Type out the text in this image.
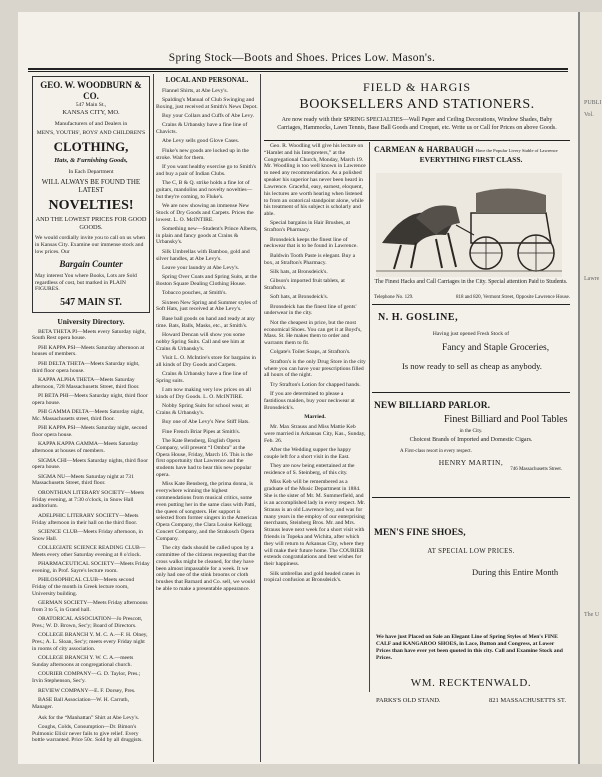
Spring Stock—Boots and Shoes. Prices Low. Mason's.
GEO. W. WOODBURN & CO.
547 Main St.,
KANSAS CITY, MO.
Manufacturers of and Dealers in
MEN'S, YOUTHS', BOYS' AND CHILDREN'S
CLOTHING,
Hats, & Furnishing Goods,
In Each Department
WILL ALWAYS BE FOUND THE LATEST
NOVELTIES!
AND THE LOWEST PRICES FOR GOOD GOODS.
We would cordially invite you to call on us when in Kansas City. Examine our immense stock and low prices. Our
Bargain Counter
May interest You where Books, Lots are Sold regardless of cost, but marked in PLAIN FIGURES.
547 MAIN ST.
University Directory.

BETA THETA PI—Meets every Saturday night, South Rest opera house.

PHI KAPPA PSI—Meets Saturday afternoon at houses of members.

PHI DELTA THETA—Meets Saturday night, third floor opera house.

KAPPA ALPHA THETA—Meets Saturday afternoon, 728 Massachusetts Street, third floor.

PI BETA PHI—Meets Saturday night, third floor opera house.

PHI GAMMA DELTA—Meets Saturday night, Mc. Massachusetts street, third floor.

PHI KAPPA PSI—Meets Saturday night, second floor opera house.

KAPPA KAPPA GAMMA—Meets Saturday afternoon at houses of members.

SIGMA CHI—Meets Saturday nights, third floor opera house.

SIGMA NU—Meets Saturday night at 731 Massachusetts Street, third floor.

ORONTHIAN LITERARY SOCIETY—Meets Friday evening, at 7:30 o'clock, in Snow Hall auditorium.

ADELPHIC LITERARY SOCIETY—Meets Friday afternoon in their hall on the third floor.

SCIENCE CLUB—Meets Friday afternoon, in Snow Hall.

COLLEGIATE SCIENCE READING CLUB—Meets every other Saturday evening at 8 o'clock.

PHARMACEUTICAL SOCIETY—Meets Friday evening, in Prof. Sayre's lecture room.

PHILOSOPHICAL CLUB—Meets second Friday of the month in Greek lecture room, University building.

GERMAN SOCIETY—Meets Friday afternoons from 3 to 5, in Grand hall.

ORATORICAL ASSOCIATION—Jo Prescott, Pres.; W. D. Brown, Sec'y; Board of Directors.

COLLEGE BRANCH Y. M. C. A.—F. H. Olney, Pres.; A. L. Sloan, Sec'y; meets every Friday night in rooms of city association.

COLLEGE BRANCH Y. W. C. A.—meets Sunday afternoons at congregational church.

COURIER COMPANY—G. D. Taylor, Pres.; Irvin Stephenson, Sec'y.

REVIEW COMPANY—E. F. Dorsey, Pres.

BASE Ball Association—W. H. Carruth, Manager.

Ask for the “Manhattan” Shirt at Abe Levy's.

Coughs, Colds, Consumption—Dr. Bimon's Pulmonic Elixir never fails to give relief. Every bottle warranted. Price 50c. Sold by all druggists.

LOCAL AND PERSONAL.

Flannel Shirts, at Abe Levy's.

Spalding's Manual of Club Swinging and Boxing, just received at Smith's News Depot.

Buy your Collars and Cuffs of Abe Levy.

Crains & Urbansky have a fine line of Chavicts.

Abe Levy sells good Glove Cases.

Fluke's new goods are locked up in the stroke. Wait for them.

If you want healthy exercise go to Smith's and buy a pair of Indian Clubs.

The C, B & Q. strike holds a fine lot of guitars, mandolins and novelty novelties—but they're coming, to Fluke's.

We are now showing an immense New Stock of Dry Goods and Carpets. Prices the lowest. L. O. McINTIRE.

Something new—Student's Prince Alberts, in plain and fancy goods at Crains & Urbansky's.

Silk Umbrellas with Bamboo, gold and silver handles, at Abe Levy's.

Leave your laundry at Abe Levy's.

Spring Over Coats and Spring Suits, at the Boston Square Dealing Clothing House.

Tobacco pouches, at Smith's.

Sixteen New Spring and Summer styles of Soft Hats, just received at Abe Levy's.

Base ball goods on hand and ready at any time. Bats, Balls, Masks, etc., at Smith's.

Howard Dencan will show you some nobby Spring Suits. Call and see him at Crains & Urbansky's.

Visit L. O. McIntire's store for bargains in all kinds of Dry Goods and Carpets.

Crains & Urbansky have a fine line of Spring suits.

I am now making very low prices on all kinds of Dry Goods. L. O. McINTIRE.

Nobby Spring Suits for school wear, at Crains & Urbansky's.

Buy one of Abe Levy's New Stiff Hats.

Fine French Briar Pipes at Smith's.

The Kate Bensberg, English Opera Company, will present “I Ombra” at the Opera House, Friday, March 16. This is the first opportunity that Lawrence and the students have had to hear this new popular opera.

Miss Kate Bensberg, the prima donna, is everywhere winning the highest commendations from musical critics, some even putting her in the same class with Patti, the queen of songsters. Her support is selected from former singers in the American Opera Company, the Clara Louise Kellogg Concert Company, and the Strakosch Opera Company.

The city dads should be called upon by a committee of the citizens requesting that the cross walks might be cleaned, for they have been almost impassable for a week. It we only had one of the stink brooms or cloth brushes that Barnard and Co. sell, we would be able to make a presentable appearance.

FIELD & HARGIS
BOOKSELLERS AND STATIONERS.
Are now ready with their SPRING SPECIALTIES—Wall Paper and Ceiling Decorations, Window Shades, Baby Carriages, Hammocks, Lawn Tennis, Base Ball Goods and Croquet, etc. Write us or Call for Prices on above Goods.

Geo. R. Woodling will give his lecture on “Hamlet and his Interpreters,” at the Congregational Church, Monday, March 19. Mr. Woodling is too well known in Lawrence to need any recommendation. As a polished speaker his superior has never been heard in Lawrence. Graceful, easy, earnest, eloquent, his lectures are worth hearing when listened to from an oratorical standpoint alone, while his treatment of his subject is scholarly and able.

Special bargains in Hair Brushes, at Strafton's Pharmacy.

Bronsdeick keeps the finest line of neckwear that is to be found in Lawrence.

Baldwin Tooth Paste is elegant. Buy a box, at Strafton's Pharmacy.

Silk hats, at Bronsdeick's.

Gibson's imported fruit tablets, at Strafton's.

Soft hats, at Bronsdeick's.

Bronsdeick has the finest line of gents' underwear in the city.

Not the cheapest in price, but the most economical Shoes. You can get it at Boyd's, Mass. St. He makes them to order and warrants them to fit.

Colgate's Toilet Soaps, at Strafton's.

Strafton's is the only Drug Store in the city where you can have your prescriptions filled all hours of the night.

Try Strafton's Lotion for chapped hands.

If you are determined to please a fastidious maiden, buy your neckwear at Bronsdeick's.

Married.

Mr. Max Strauss and Miss Mattie Keb were married in Arkansas City, Kas., Sunday, Feb. 26.

After the Wedding supper the happy couple left for a short visit in the East.

They are now being entertained at the residence of S. Steinberg, of this city.

Miss Keb will be remembered as a graduate of the Music Department in 1884. She is the sister of Mr. M. Summerfield, and is an accomplished lady in every respect. Mr. Strauss is an old Lawrence boy, and was for many years in the employ of our enterprising merchants, Steinberg Bros. Mr. and Mrs. Strauss leave next week for a short visit with friends in Topeka and Wichita, after which they will return to Arkansas City, where they will make their future home. The COURIER extends congratulations and best wishes for their happiness.

Silk umbrellas and gold headed canes in tropical confusion at Bronsdeick's.

CARMEAN & HARBAUGH Have the Popular Livery Stable of Lawrence
EVERYTHING FIRST CLASS.
The Finest Hacks and Call Carriages in the City. Special attention Paid to Students.
Telephone No. 129.	818 and 820, Vermont Street, Opposite Lawrence House.
N. H. GOSLINE,
Having just opened Fresh Stock of
Fancy and Staple Groceries,
Is now ready to sell as cheap as anybody.
NEW BILLIARD PARLOR.
Finest Billiard and Pool Tables
in the City.
Choicest Brands of Imported and Domestic Cigars.
A First-class resort in every respect.
HENRY MARTIN,
746 Massachusetts Street.
MEN'S FINE SHOES,
AT SPECIAL LOW PRICES.
During this Entire Month
We have just Placed on Sale an Elegant Line of Spring Styles of Men's FINE CALF and KANGAROO SHOES, in Lace, Button and Congress, at Lower Prices than have ever yet been quoted in this city. Call and Examine Stock and Prices.
WM. RECKTENWALD.
PARKS'S OLD STAND.	821 MASSACHUSETTS ST.
PUBLI
Vol.
Lawre
The U
